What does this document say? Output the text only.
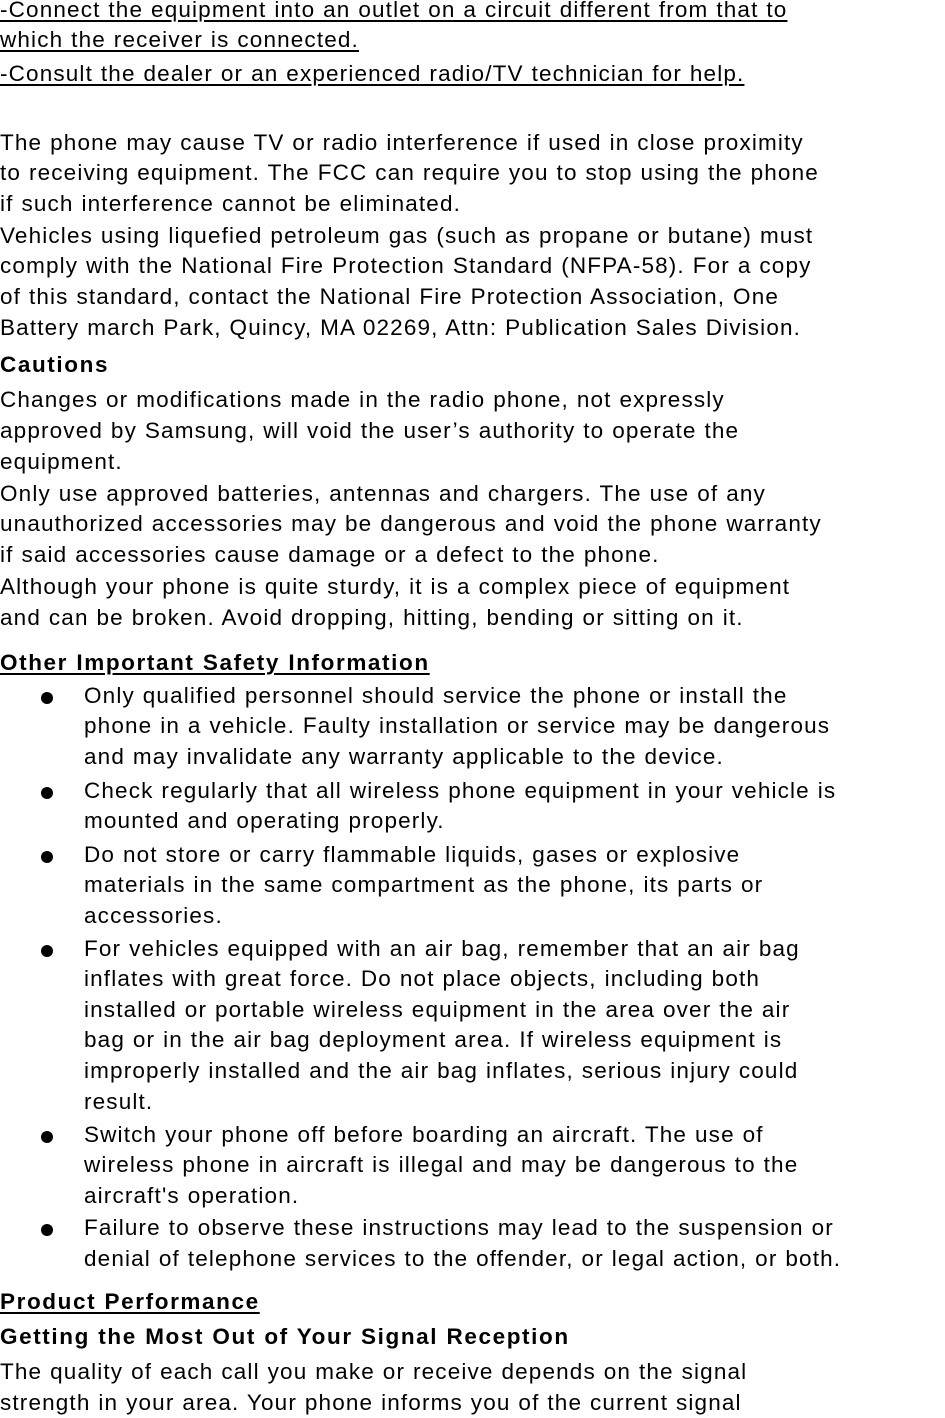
-Connect the equipment into an outlet on a circuit different from that to
which the receiver is connected.
-Consult the dealer or an experienced radio/TV technician for help.
The phone may cause TV or radio interference if used in close proximity
to receiving equipment. The FCC can require you to stop using the phone
if such interference cannot be eliminated.
Vehicles using liquefied petroleum gas (such as propane or butane) must
comply with the National Fire Protection Standard (NFPA-58). For a copy
of this standard, contact the National Fire Protection Association, One
Battery march Park, Quincy, MA 02269, Attn: Publication Sales Division.
Cautions
Changes or modifications made in the radio phone, not expressly
approved by Samsung, will void the user’s authority to operate the
equipment.
Only use approved batteries, antennas and chargers. The use of any
unauthorized accessories may be dangerous and void the phone warranty
if said accessories cause damage or a defect to the phone.
Although your phone is quite sturdy, it is a complex piece of equipment
and can be broken. Avoid dropping, hitting, bending or sitting on it.
Other Important Safety Information
Only qualified personnel should service the phone or install the
phone in a vehicle. Faulty installation or service may be dangerous
and may invalidate any warranty applicable to the device.
Check regularly that all wireless phone equipment in your vehicle is
mounted and operating properly.
Do not store or carry flammable liquids, gases or explosive
materials in the same compartment as the phone, its parts or
accessories.
For vehicles equipped with an air bag, remember that an air bag
inflates with great force. Do not place objects, including both
installed or portable wireless equipment in the area over the air
bag or in the air bag deployment area. If wireless equipment is
improperly installed and the air bag inflates, serious injury could
result.
Switch your phone off before boarding an aircraft. The use of
wireless phone in aircraft is illegal and may be dangerous to the
aircraft's operation.
Failure to observe these instructions may lead to the suspension or
denial of telephone services to the offender, or legal action, or both.
Product Performance
Getting the Most Out of Your Signal Reception
The quality of each call you make or receive depends on the signal
strength in your area. Your phone informs you of the current signal
